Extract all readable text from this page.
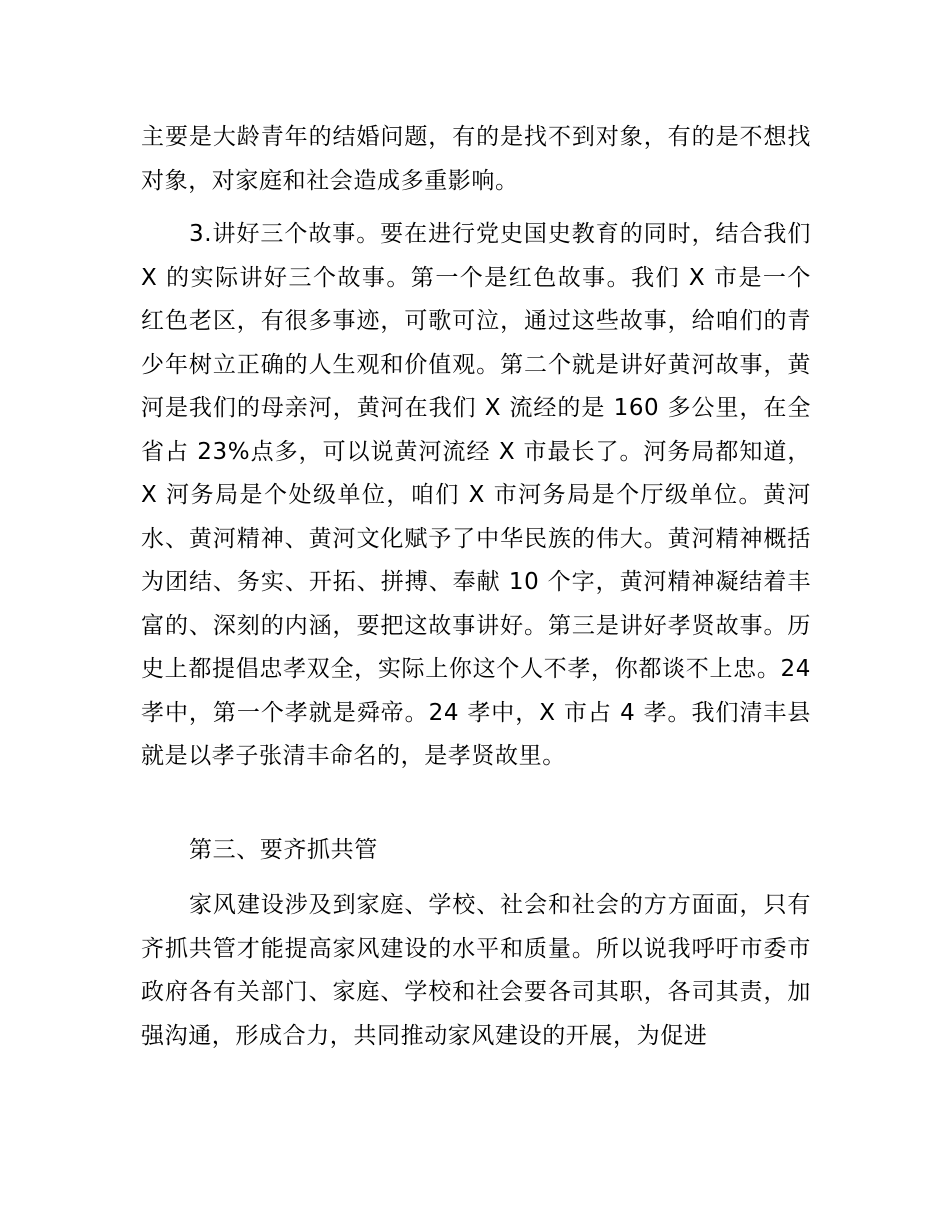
主要是大龄青年的结婚问题，有的是找不到对象，有的是不想找对象，对家庭和社会造成多重影响。

3.讲好三个故事。要在进行党史国史教育的同时，结合我们 X 的实际讲好三个故事。第一个是红色故事。我们 X 市是一个红色老区，有很多事迹，可歌可泣，通过这些故事，给咱们的青少年树立正确的人生观和价值观。第二个就是讲好黄河故事，黄河是我们的母亲河，黄河在我们 X 流经的是 160 多公里，在全省占 23%点多，可以说黄河流经 X 市最长了。河务局都知道，X 河务局是个处级单位，咱们 X 市河务局是个厅级单位。黄河水、黄河精神、黄河文化赋予了中华民族的伟大。黄河精神概括为团结、务实、开拓、拼搏、奉献 10 个字，黄河精神凝结着丰富的、深刻的内涵，要把这故事讲好。第三是讲好孝贤故事。历史上都提倡忠孝双全，实际上你这个人不孝，你都谈不上忠。24 孝中，第一个孝就是舜帝。24 孝中，X 市占 4 孝。我们清丰县就是以孝子张清丰命名的，是孝贤故里。

第三、要齐抓共管

家风建设涉及到家庭、学校、社会和社会的方方面面，只有齐抓共管才能提高家风建设的水平和质量。所以说我呼吁市委市政府各有关部门、家庭、学校和社会要各司其职，各司其责，加强沟通，形成合力，共同推动家风建设的开展，为促进
